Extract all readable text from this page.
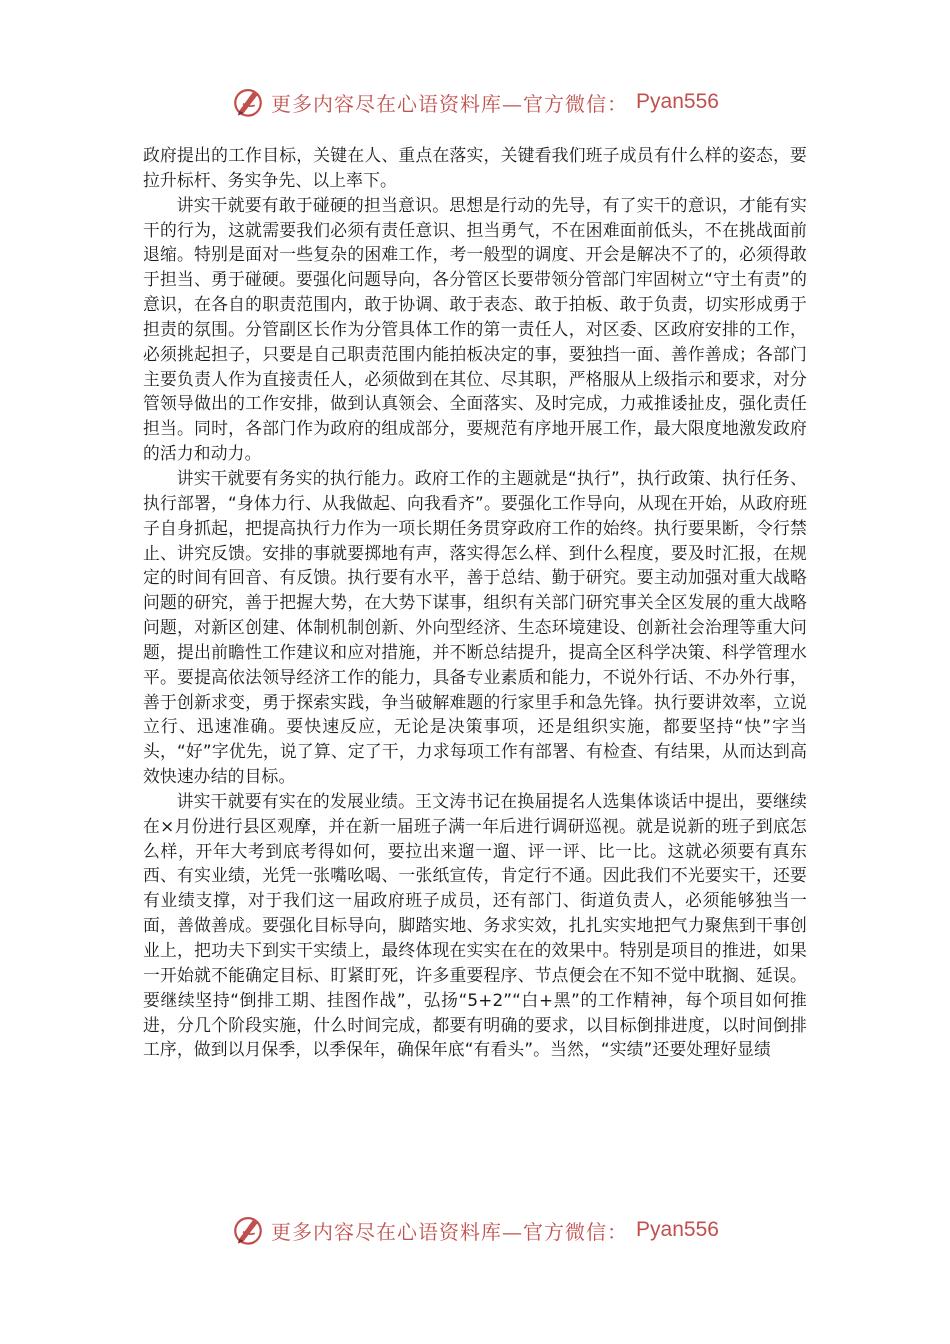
更多内容尽在心语资料库—官方微信： Pyan556

政府提出的工作目标，关键在人、重点在落实，关键看我们班子成员有什么样的姿态，要拉升标杆、务实争先、以上率下。

讲实干就要有敢于碰硬的担当意识。思想是行动的先导，有了实干的意识，才能有实干的行为，这就需要我们必须有责任意识、担当勇气，不在困难面前低头，不在挑战面前退缩。特别是面对一些复杂的困难工作，考一般型的调度、开会是解决不了的，必须得敢于担当、勇于碰硬。要强化问题导向，各分管区长要带领分管部门牢固树立“守土有责”的意识，在各自的职责范围内，敢于协调、敢于表态、敢于拍板、敢于负责，切实形成勇于担责的氛围。分管副区长作为分管具体工作的第一责任人，对区委、区政府安排的工作，必须挑起担子，只要是自己职责范围内能拍板决定的事，要独挡一面、善作善成；各部门主要负责人作为直接责任人，必须做到在其位、尽其职，严格服从上级指示和要求，对分管领导做出的工作安排，做到认真领会、全面落实、及时完成，力戒推诿扯皮，强化责任担当。同时，各部门作为政府的组成部分，要规范有序地开展工作，最大限度地激发政府的活力和动力。

讲实干就要有务实的执行能力。政府工作的主题就是“执行”，执行政策、执行任务、执行部署，“身体力行、从我做起、向我看齐”。要强化工作导向，从现在开始，从政府班子自身抓起，把提高执行力作为一项长期任务贯穿政府工作的始终。执行要果断，令行禁止、讲究反馈。安排的事就要掷地有声，落实得怎么样、到什么程度，要及时汇报，在规定的时间有回音、有反馈。执行要有水平，善于总结、勤于研究。要主动加强对重大战略问题的研究，善于把握大势，在大势下谋事，组织有关部门研究事关全区发展的重大战略问题，对新区创建、体制机制创新、外向型经济、生态环境建设、创新社会治理等重大问题，提出前瞻性工作建议和应对措施，并不断总结提升，提高全区科学决策、科学管理水平。要提高依法领导经济工作的能力，具备专业素质和能力，不说外行话、不办外行事，善于创新求变，勇于探索实践，争当破解难题的行家里手和急先锋。执行要讲效率，立说立行、迅速准确。要快速反应，无论是决策事项，还是组织实施，都要坚持“快”字当头，“好”字优先，说了算、定了干，力求每项工作有部署、有检查、有结果，从而达到高效快速办结的目标。

讲实干就要有实在的发展业绩。王文涛书记在换届提名人选集体谈话中提出，要继续在×月份进行县区观摩，并在新一届班子满一年后进行调研巡视。就是说新的班子到底怎么样，开年大考到底考得如何，要拉出来遛一遛、评一评、比一比。这就必须要有真东西、有实业绩，光凭一张嘴吆喝、一张纸宣传，肯定行不通。因此我们不光要实干，还要有业绩支撑，对于我们这一届政府班子成员，还有部门、街道负责人，必须能够独当一面，善做善成。要强化目标导向，脚踏实地、务求实效，扎扎实实地把气力聚焦到干事创业上，把功夫下到实干实绩上，最终体现在实实在在的效果中。特别是项目的推进，如果一开始就不能确定目标、盯紧盯死，许多重要程序、节点便会在不知不觉中耽搁、延误。要继续坚持“倒排工期、挂图作战”，弘扬“5+2”“白+黑”的工作精神，每个项目如何推进，分几个阶段实施，什么时间完成，都要有明确的要求，以目标倒排进度，以时间倒排工序，做到以月保季，以季保年，确保年底“有看头”。当然，“实绩”还要处理好显绩

更多内容尽在心语资料库—官方微信： Pyan556
